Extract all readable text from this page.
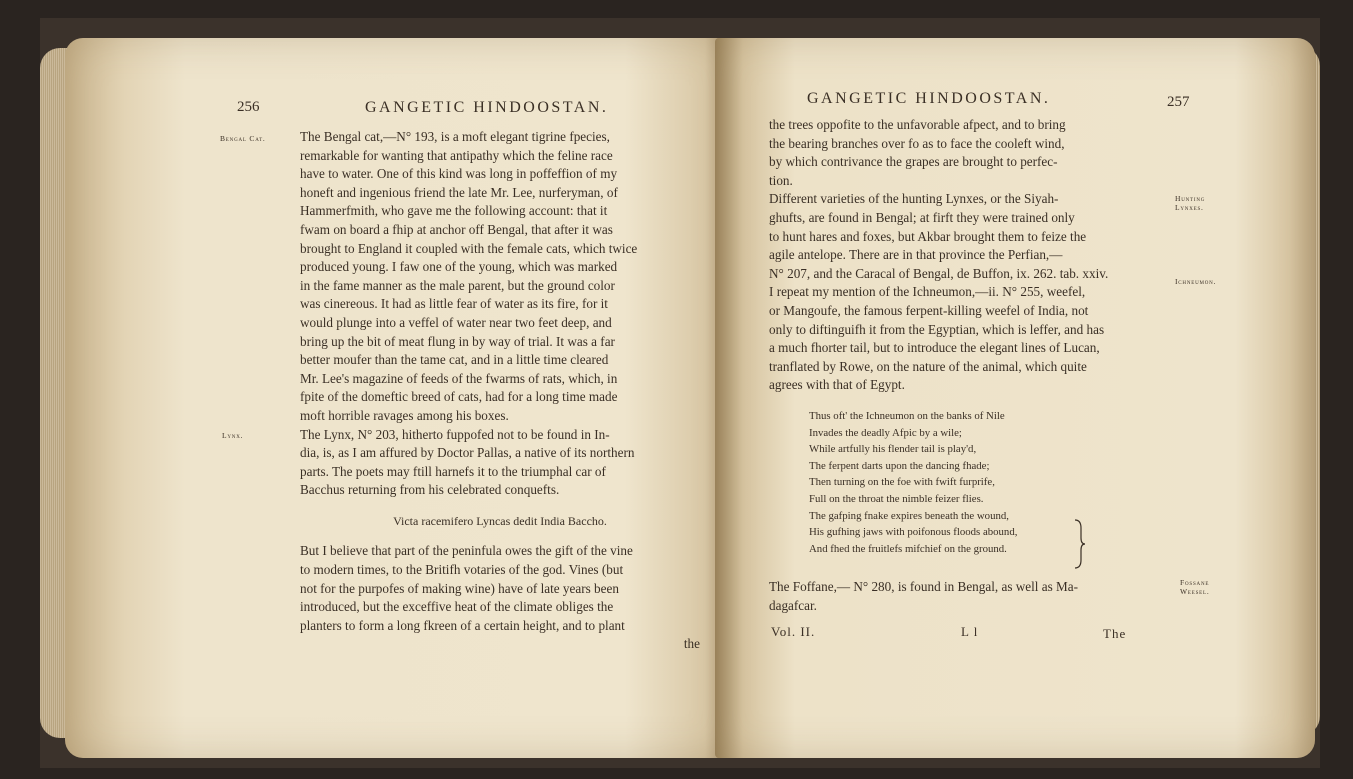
256	GANGETIC HINDOOSTAN.
Bengal Cat.
Lynx.

The Bengal cat,—N° 193, is a moft elegant tigrine fpecies,

remarkable for wanting that antipathy which the feline race

have to water. One of this kind was long in poffeffion of my

honeft and ingenious friend the late Mr. Lee, nurferyman, of

Hammerfmith, who gave me the following account: that it

fwam on board a fhip at anchor off Bengal, that after it was

brought to England it coupled with the female cats, which twice

produced young. I faw one of the young, which was marked

in the fame manner as the male parent, but the ground color

was cinereous. It had as little fear of water as its fire, for it

would plunge into a veffel of water near two feet deep, and

bring up the bit of meat flung in by way of trial. It was a far

better moufer than the tame cat, and in a little time cleared

Mr. Lee's magazine of feeds of the fwarms of rats, which, in

fpite of the domeftic breed of cats, had for a long time made

moft horrible ravages among his boxes.

The Lynx, N° 203, hitherto fuppofed not to be found in In-

dia, is, as I am affured by Doctor Pallas, a native of its northern

parts. The poets may ftill harnefs it to the triumphal car of

Bacchus returning from his celebrated conquefts.

Victa racemifero Lyncas dedit India Baccho.

But I believe that part of the peninfula owes the gift of the vine

to modern times, to the Britifh votaries of the god. Vines (but

not for the purpofes of making wine) have of late years been

introduced, but the exceffive heat of the climate obliges the

planters to form a long fkreen of a certain height, and to plant

the

GANGETIC HINDOOSTAN.	257
Hunting Lynxes.
Ichneumon.
Fossane Weesel.

the trees oppofite to the unfavorable afpect, and to bring

the bearing branches over fo as to face the cooleft wind,

by which contrivance the grapes are brought to perfec-

tion.

Different varieties of the hunting Lynxes, or the Siyah-

ghufts, are found in Bengal; at firft they were trained only

to hunt hares and foxes, but Akbar brought them to feize the

agile antelope. There are in that province the Perfian,—

N° 207, and the Caracal of Bengal, de Buffon, ix. 262. tab. xxiv.

I repeat my mention of the Ichneumon,—ii. N° 255, weefel,

or Mangoufe, the famous ferpent-killing weefel of India, not

only to diftinguifh it from the Egyptian, which is leffer, and has

a much fhorter tail, but to introduce the elegant lines of Lucan,

tranflated by Rowe, on the nature of the animal, which quite

agrees with that of Egypt.

Thus oft' the Ichneumon on the banks of Nile
Invades the deadly Afpic by a wile;
While artfully his flender tail is play'd,
The ferpent darts upon the dancing fhade;
Then turning on the foe with fwift furprife,
Full on the throat the nimble feizer flies.
The gafping fnake expires beneath the wound,
His gufhing jaws with poifonous floods abound,
And fhed the fruitlefs mifchief on the ground.

The Foffane,— N° 280, is found in Bengal, as well as Ma-

dagafcar.

Vol. II.	L l	The
